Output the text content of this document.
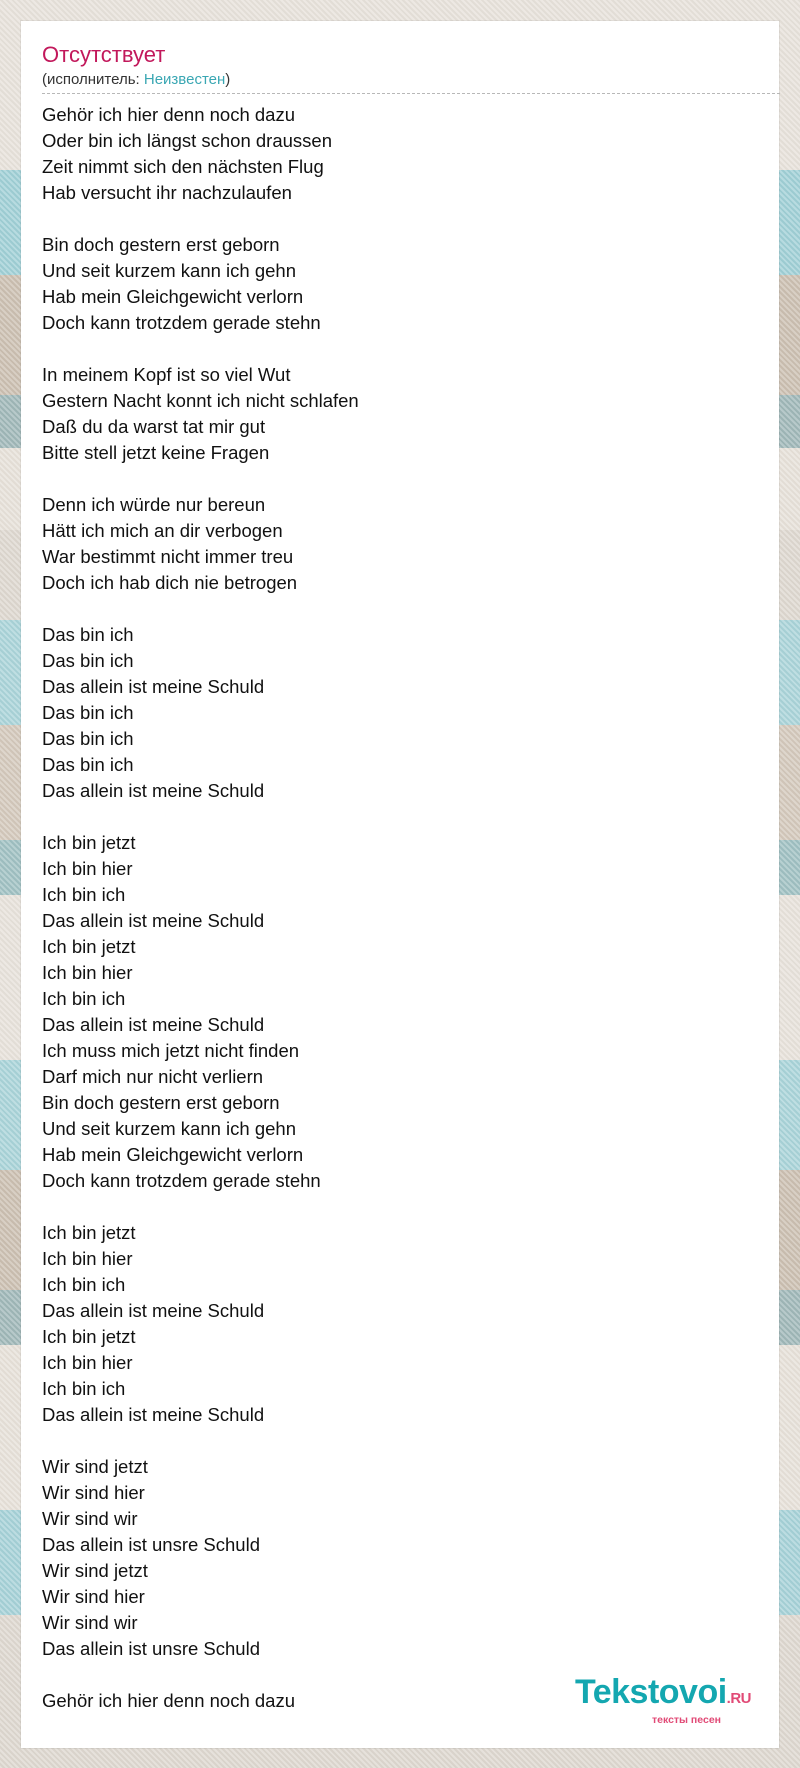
Отсутствует
(исполнитель: Неизвестен)
Gehör ich hier denn noch dazu
Oder bin ich längst schon draussen
Zeit nimmt sich den nächsten Flug
Hab versucht ihr nachzulaufen
Bin doch gestern erst geborn
Und seit kurzem kann ich gehn
Hab mein Gleichgewicht verlorn
Doch kann trotzdem gerade stehn
In meinem Kopf ist so viel Wut
Gestern Nacht konnt ich nicht schlafen
Daß du da warst tat mir gut
Bitte stell jetzt keine Fragen
Denn ich würde nur bereun
Hätt ich mich an dir verbogen
War bestimmt nicht immer treu
Doch ich hab dich nie betrogen
Das bin ich
Das bin ich
Das allein ist meine Schuld
Das bin ich
Das bin ich
Das bin ich
Das allein ist meine Schuld
Ich bin jetzt
Ich bin hier
Ich bin ich
Das allein ist meine Schuld
Ich bin jetzt
Ich bin hier
Ich bin ich
Das allein ist meine Schuld
Ich muss mich jetzt nicht finden
Darf mich nur nicht verliern
Bin doch gestern erst geborn
Und seit kurzem kann ich gehn
Hab mein Gleichgewicht verlorn
Doch kann trotzdem gerade stehn
Ich bin jetzt
Ich bin hier
Ich bin ich
Das allein ist meine Schuld
Ich bin jetzt
Ich bin hier
Ich bin ich
Das allein ist meine Schuld
Wir sind jetzt
Wir sind hier
Wir sind wir
Das allein ist unsre Schuld
Wir sind jetzt
Wir sind hier
Wir sind wir
Das allein ist unsre Schuld
Gehör ich hier denn noch dazu	Tekstovoi.RU
тексты песен
